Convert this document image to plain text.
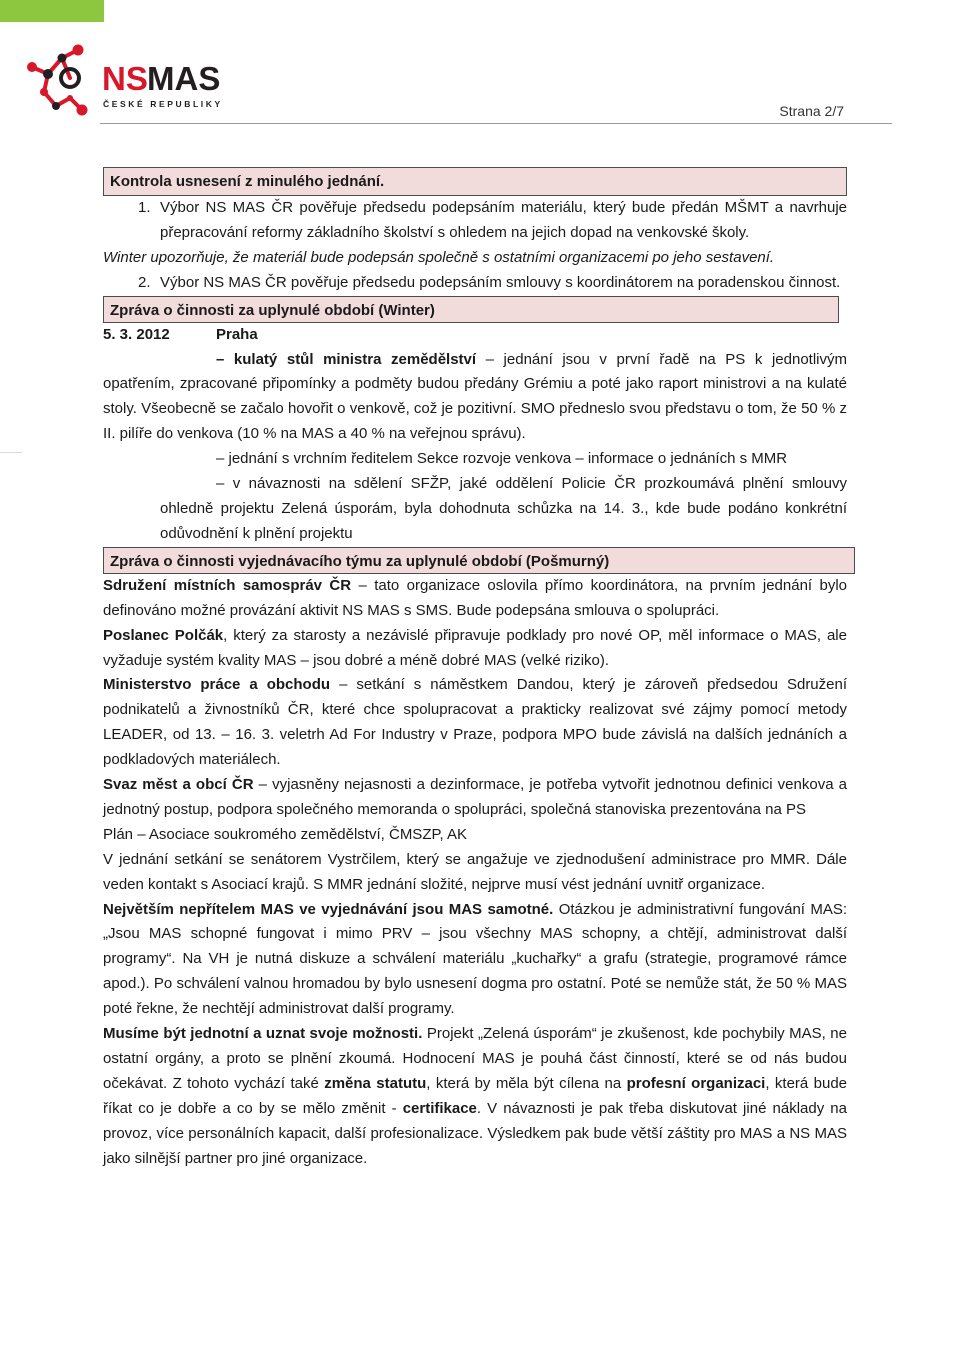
NS MAS
ČESKÉ REPUBLIKY	Strana 2/7

Kontrola usnesení z minulého jednání.

1. Výbor NS MAS ČR pověřuje předsedu podepsáním materiálu, který bude předán MŠMT a navrhuje přepracování reformy základního školství s ohledem na jejich dopad na venkovské školy.

Winter upozorňuje, že materiál bude podepsán společně s ostatními organizacemi po jeho sestavení.

2. Výbor NS MAS ČR pověřuje předsedu podepsáním smlouvy s koordinátorem na poradenskou činnost.

Zpráva o činnosti za uplynulé období (Winter)

5. 3. 2012	Praha

– kulatý stůl ministra zemědělství – jednání jsou v první řadě na PS k jednotlivým opatřením, zpracované připomínky a podměty budou předány Grémiu a poté jako raport ministrovi a na kulaté stoly. Všeobecně se začalo hovořit o venkově, což je pozitivní. SMO předneslo svou představu o tom, že 50 % z II. pilíře do venkova (10 % na MAS a 40 % na veřejnou správu).

– jednání s vrchním ředitelem Sekce rozvoje venkova – informace o jednáních s MMR

– v návaznosti na sdělení SFŽP, jaké oddělení Policie ČR prozkoumává plnění smlouvy ohledně projektu Zelená úsporám, byla dohodnuta schůzka na 14. 3., kde bude podáno konkrétní odůvodnění k plnění projektu

Zpráva o činnosti vyjednávacího týmu za uplynulé období (Pošmurný)

Sdružení místních samospráv ČR – tato organizace oslovila přímo koordinátora, na prvním jednání bylo definováno možné provázání aktivit NS MAS s SMS. Bude podepsána smlouva o spolupráci.

Poslanec Polčák, který za starosty a nezávislé připravuje podklady pro nové OP, měl informace o MAS, ale vyžaduje systém kvality MAS – jsou dobré a méně dobré MAS (velké riziko).

Ministerstvo práce a obchodu – setkání s náměstkem Dandou, který je zároveň předsedou Sdružení podnikatelů a živnostníků ČR, které chce spolupracovat a prakticky realizovat své zájmy pomocí metody LEADER, od 13. – 16. 3. veletrh Ad For Industry v Praze, podpora MPO bude závislá na dalších jednáních a podkladových materiálech.

Svaz měst a obcí ČR – vyjasněny nejasnosti a dezinformace, je potřeba vytvořit jednotnou definici venkova a jednotný postup, podpora společného memoranda o spolupráci, společná stanoviska prezentována na PS

Plán – Asociace soukromého zemědělství, ČMSZP, AK

V jednání setkání se senátorem Vystrčilem, který se angažuje ve zjednodušení administrace pro MMR. Dále veden kontakt s Asociací krajů. S MMR jednání složité, nejprve musí vést jednání uvnitř organizace.

Největším nepřítelem MAS ve vyjednávání jsou MAS samotné. Otázkou je administrativní fungování MAS: „Jsou MAS schopné fungovat i mimo PRV – jsou všechny MAS schopny, a chtějí, administrovat další programy“. Na VH je nutná diskuze a schválení materiálu „kuchařky“ a grafu (strategie, programové rámce apod.). Po schválení valnou hromadou by bylo usnesení dogma pro ostatní. Poté se nemůže stát, že 50 % MAS poté řekne, že nechtějí administrovat další programy.

Musíme být jednotní a uznat svoje možnosti. Projekt „Zelená úsporám“ je zkušenost, kde pochybily MAS, ne ostatní orgány, a proto se plnění zkoumá. Hodnocení MAS je pouhá část činností, které se od nás budou očekávat. Z tohoto vychází také změna statutu, která by měla být cílena na profesní organizaci, která bude říkat co je dobře a co by se mělo změnit - certifikace. V návaznosti je pak třeba diskutovat jiné náklady na provoz, více personálních kapacit, další profesionalizace. Výsledkem pak bude větší záštity pro MAS a NS MAS jako silnější partner pro jiné organizace.
